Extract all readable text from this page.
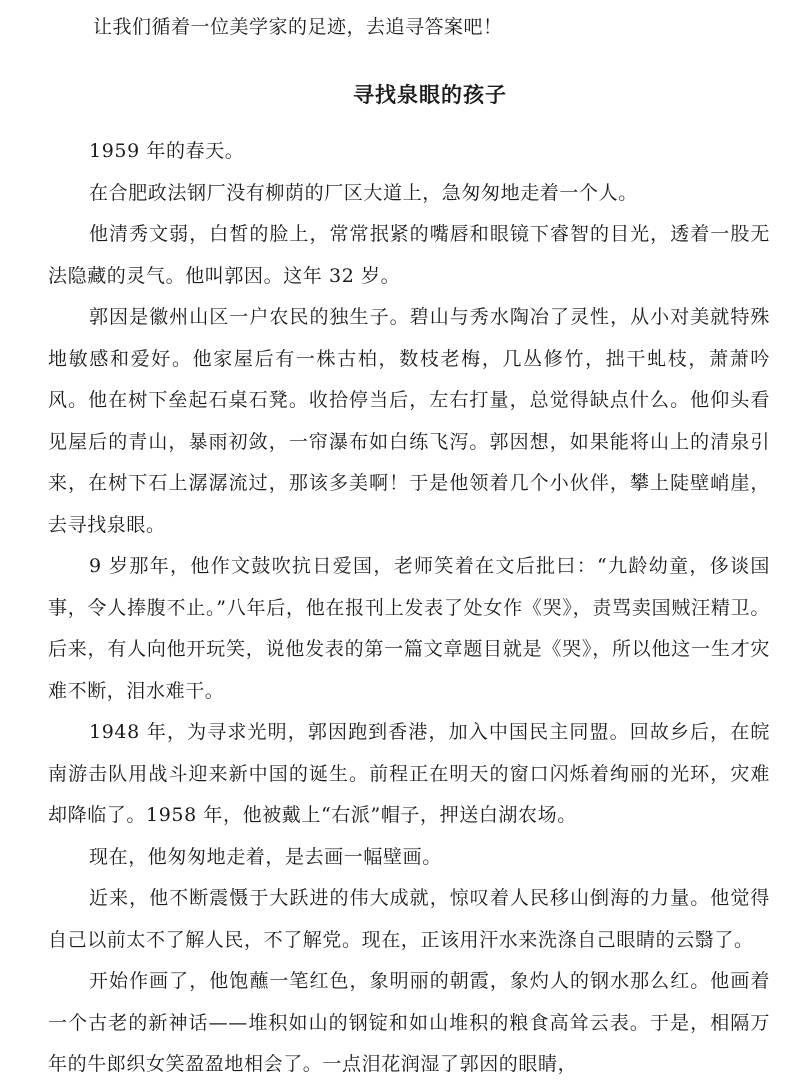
让我们循着一位美学家的足迹，去追寻答案吧！
寻找泉眼的孩子

1959 年的春天。

在合肥政法钢厂没有柳荫的厂区大道上，急匆匆地走着一个人。

他清秀文弱，白皙的脸上，常常抿紧的嘴唇和眼镜下睿智的目光，透着一股无法隐藏的灵气。他叫郭因。这年 32 岁。

郭因是徽州山区一户农民的独生子。碧山与秀水陶冶了灵性，从小对美就特殊地敏感和爱好。他家屋后有一株古柏，数枝老梅，几丛修竹，拙干虬枝，萧萧吟风。他在树下垒起石桌石凳。收拾停当后，左右打量，总觉得缺点什么。他仰头看见屋后的青山，暴雨初敛，一帘瀑布如白练飞泻。郭因想，如果能将山上的清泉引来，在树下石上潺潺流过，那该多美啊！于是他领着几个小伙伴，攀上陡壁峭崖，去寻找泉眼。

9 岁那年，他作文鼓吹抗日爱国，老师笑着在文后批曰：“九龄幼童，侈谈国事，令人捧腹不止。”八年后，他在报刊上发表了处女作《哭》，责骂卖国贼汪精卫。后来，有人向他开玩笑，说他发表的第一篇文章题目就是《哭》，所以他这一生才灾难不断，泪水难干。

1948 年，为寻求光明，郭因跑到香港，加入中国民主同盟。回故乡后，在皖南游击队用战斗迎来新中国的诞生。前程正在明天的窗口闪烁着绚丽的光环，灾难却降临了。1958 年，他被戴上“右派”帽子，押送白湖农场。

现在，他匆匆地走着，是去画一幅壁画。

近来，他不断震慑于大跃进的伟大成就，惊叹着人民移山倒海的力量。他觉得自己以前太不了解人民，不了解党。现在，正该用汗水来洗涤自己眼睛的云翳了。

开始作画了，他饱蘸一笔红色，象明丽的朝霞，象灼人的钢水那么红。他画着一个古老的新神话——堆积如山的钢锭和如山堆积的粮食高耸云表。于是，相隔万年的牛郎织女笑盈盈地相会了。一点泪花润湿了郭因的眼睛，
